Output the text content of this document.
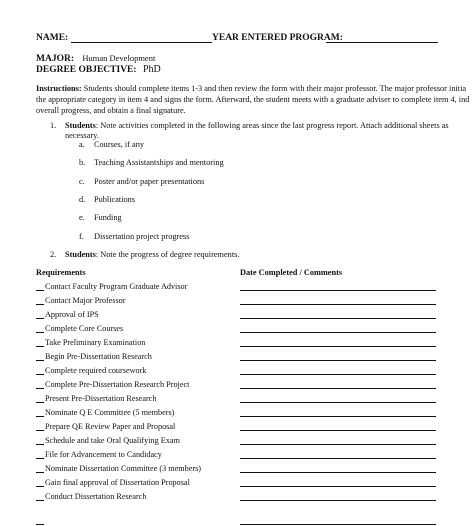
NAME:	YEAR ENTERED PROGRAM:
MAJOR: Human Development
DEGREE OBJECTIVE: PhD
Instructions: Students should complete items 1-3 and then review the form with their major professor. The major professor initia
the appropriate category in item 4 and signs the form. Afterward, the student meets with a graduate adviser to complete item 4, ind
overall progress, and obtain a final signature.
1. Students: Note activities completed in the following areas since the last progress report. Attach additional sheets as
necessary.
a. Courses, if any
b. Teaching Assistantships and mentoring
c. Poster and/or paper presentations
d. Publications
e. Funding
f. Dissertation project progress
2. Students: Note the progress of degree requirements.
Requirements	Date Completed / Comments
Contact Faculty Program Graduate Advisor
Contact Major Professor
Approval of IPS
Complete Core Courses
Take Preliminary Examination
Begin Pre-Dissertation Research
Complete required coursework
Complete Pre-Dissertation Research Project
Present Pre-Dissertation Research
Nominate Q E Committee (5 members)
Prepare QE Review Paper and Proposal
Schedule and take Oral Qualifying Exam
File for Advancement to Candidacy
Nominate Dissertation Committee (3 members)
Gain final approval of Dissertation Proposal
Conduct Dissertation Research
